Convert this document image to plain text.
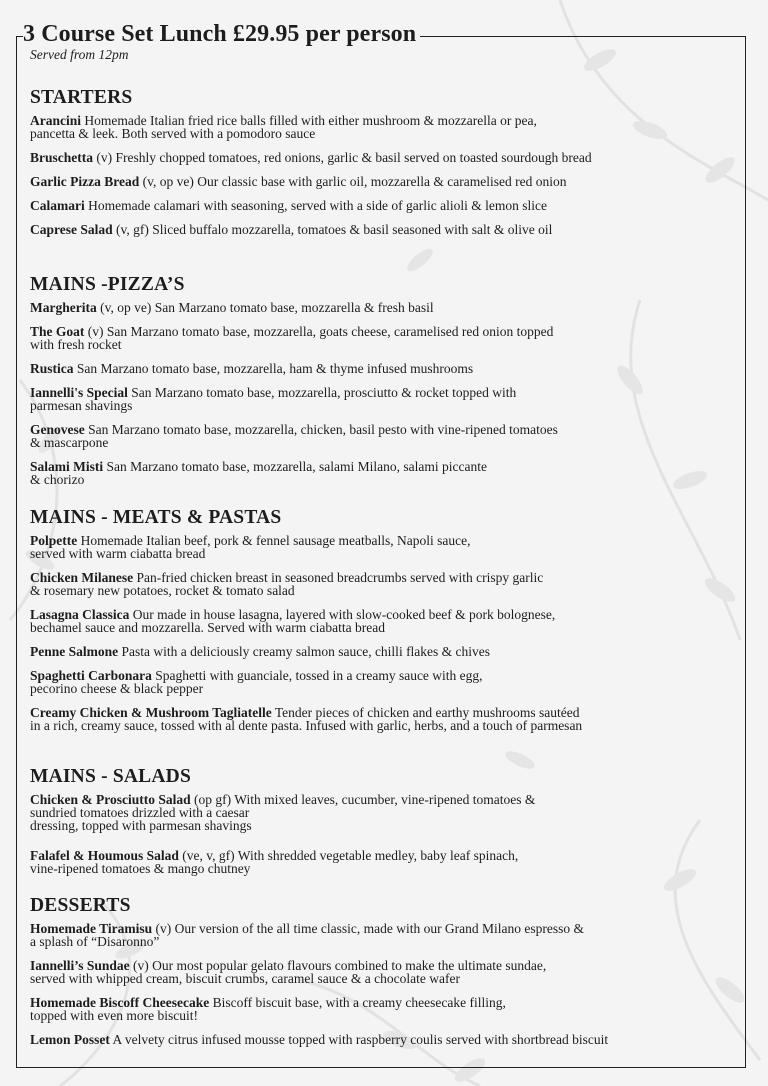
3 Course Set Lunch £29.95 per person
Served from 12pm
STARTERS
Arancini Homemade Italian fried rice balls filled with either mushroom & mozzarella or pea,
pancetta & leek. Both served with a pomodoro sauce
Bruschetta (v) Freshly chopped tomatoes, red onions, garlic & basil served on toasted sourdough bread
Garlic Pizza Bread (v, op ve) Our classic base with garlic oil, mozzarella & caramelised red onion
Calamari Homemade calamari with seasoning, served with a side of garlic alioli & lemon slice
Caprese Salad (v, gf) Sliced buffalo mozzarella, tomatoes & basil seasoned with salt & olive oil
MAINS -PIZZA’S
Margherita (v, op ve) San Marzano tomato base, mozzarella & fresh basil
The Goat (v) San Marzano tomato base, mozzarella, goats cheese, caramelised red onion topped
with fresh rocket
Rustica San Marzano tomato base, mozzarella, ham & thyme infused mushrooms
Iannelli's Special San Marzano tomato base, mozzarella, prosciutto & rocket topped with
parmesan shavings
Genovese San Marzano tomato base, mozzarella, chicken, basil pesto with vine-ripened tomatoes
& mascarpone
Salami Misti San Marzano tomato base, mozzarella, salami Milano, salami piccante
& chorizo
MAINS - MEATS & PASTAS
Polpette Homemade Italian beef, pork & fennel sausage meatballs, Napoli sauce,
served with warm ciabatta bread
Chicken Milanese Pan-fried chicken breast in seasoned breadcrumbs served with crispy garlic
& rosemary new potatoes, rocket & tomato salad
Lasagna Classica Our made in house lasagna, layered with slow-cooked beef & pork bolognese,
bechamel sauce and mozzarella. Served with warm ciabatta bread
Penne Salmone Pasta with a deliciously creamy salmon sauce, chilli flakes & chives
Spaghetti Carbonara Spaghetti with guanciale, tossed in a creamy sauce with egg,
pecorino cheese & black pepper
Creamy Chicken & Mushroom Tagliatelle Tender pieces of chicken and earthy mushrooms sautéed
in a rich, creamy sauce, tossed with al dente pasta. Infused with garlic, herbs, and a touch of parmesan
MAINS - SALADS
Chicken & Prosciutto Salad (op gf) With mixed leaves, cucumber, vine-ripened tomatoes &
sundried tomatoes drizzled with a caesar
dressing, topped with parmesan shavings
Falafel & Houmous Salad (ve, v, gf) With shredded vegetable medley, baby leaf spinach,
vine-ripened tomatoes & mango chutney
DESSERTS
Homemade Tiramisu (v) Our version of the all time classic, made with our Grand Milano espresso &
a splash of “Disaronno”
Iannelli’s Sundae (v) Our most popular gelato flavours combined to make the ultimate sundae,
served with whipped cream, biscuit crumbs, caramel sauce & a chocolate wafer
Homemade Biscoff Cheesecake Biscoff biscuit base, with a creamy cheesecake filling,
topped with even more biscuit!
Lemon Posset A velvety citrus infused mousse topped with raspberry coulis served with shortbread biscuit
